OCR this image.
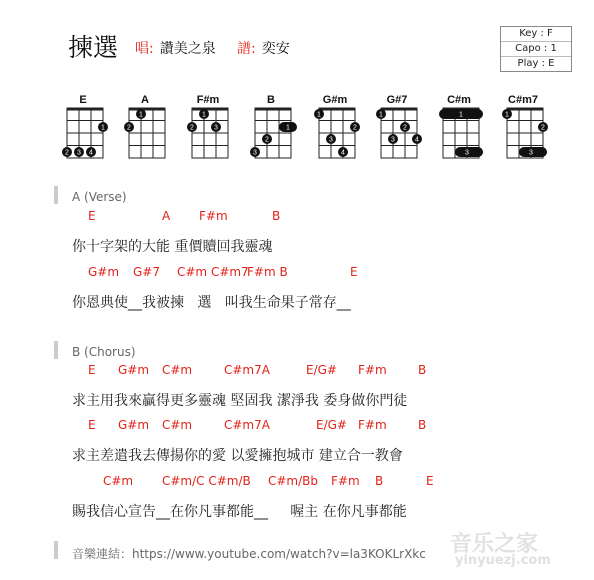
揀選 唱: 讚美之泉 譜: 奕安
Key : F
Capo : 1
Play : E
E	A	F#m	B	G#m	G#7	C#m	C#m7
1
2 3 4
1
2
1
2	3	1
2
3
1
2
3
4
1
2
3	4
1
3
1
2
3
A (Verse)
E	A F#m	B
你十字架的大能 重價贖回我靈魂
G#m G#7 C#m C#m7
F#m B	E
你恩典使__我被揀   選   叫我生命果子常存__
B (Chorus)
E G#m C#m	C#m7A	E/G# F#m	B
求主用我來贏得更多靈魂 堅固我 潔淨我 委身做你門徒
E G#m C#m	C#m7A	E/G# F#m	B
求主差遣我去傳揚你的愛 以愛擁抱城市 建立合一教會
C#m C#m/C C#m/B C#m/Bb F#m B	E
賜我信心宣告__在你凡事都能__     喔主 在你凡事都能
音樂連結：https://www.youtube.com/watch?v=la3KOKLrXkc 音乐之家
yinyuezj.com
